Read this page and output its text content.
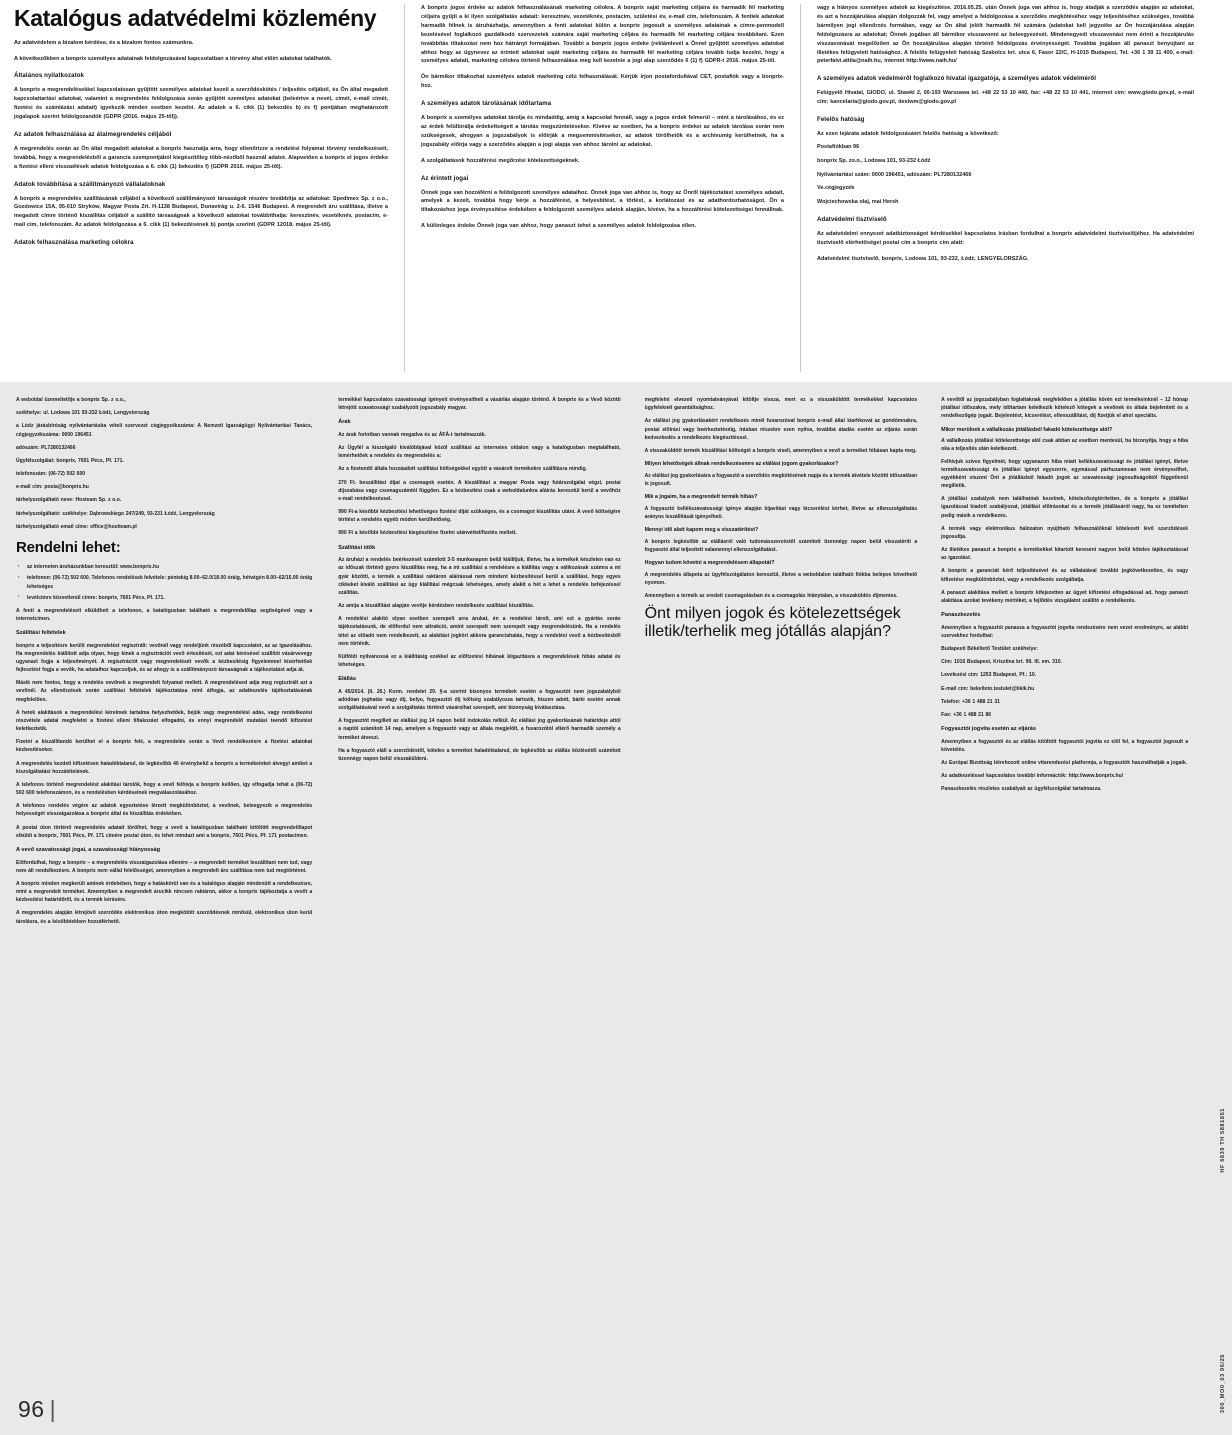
Katalógus adatvédelmi közlemény

Az adatvédelem a bizalom kérdése, és a bizalom fontos számunkra.

A következőkben a bonprix személyes adatainak feldolgozásával kapcsolatban a törvény által előírt adatokat találhatók.

Általános nyilatkozatok

A bonprix a megrendelésekkel kapcsolatosan gyűjtött személyes adatokat kezeli a szerződéskötés / teljesítés céljából, és Ön által megadott kapcsolattartási adatokat, valamint a megrendelés feldolgozása során gyűjtött személyes adatokat (beleértve a nevét, címét, e-mail címét, fizetési és számlázási adatait) igyekszik minden esetben kezelni. Az adatok a 6. cikk (1) bekezdés b) és f) pontjában meghatározott jogalapok szerint feldolgozandók (GDPR (2016. május 25-től)).

Az adatok felhasználása az átalmegrendelés céljából

A megrendelés során az Ön által megadott adatokat a bonprix hasznalja arra, hogy ellenőrizze a rendelési folyamat törvény rendelkezéseit, továbbá, hogy a megrendelésből a garancia szempontjából kiegészítőleg több-nézőből használ adatot. Alapvetően a bonprix el jogos érdeke a fizetési elleni visszaélések adatok feldolgozása a 6. cikk (1) bekezdés f) (GDPR 2016. május 25-től).

Adatok továbbítása a szállítmányozó vállalatoknak

A bonprix a megrendelés szállításának céljából a következő szállítmányozó társaságok részére továbbítja az adatokat: Spedimex Sp. z o.o., Gozdowice 15A, 95-010 Stryków, Magyar Posta Zrt. H-1138 Budapest, Dunavirág u. 2-6. 1546 Budapest. A megrendelt áru szállítása, illetve a megadott címre történő kiszállítás céljából a szállító társaságnak a következő adatokat továbbíthatja: keresztnév, vezetéknév, postacím, e-mail cím, telefonszám. Az adatok feldolgozása a 6. cikk (1) bekezdésének b) pontja szerinti (GDPR 12018. május 25-től).

Adatok felhasználása marketing célokra

A bonprix jogos érdeke az adatok felhasználásának marketing célokra. A bonprix saját marketing céljaira és harmadik fél marketing céljaira gyűjti a ki ilyen szolgáltatás adatait: keresztnév, vezetéknév, postacím, születési év, e-mail cím, telefonszám. A fentiek adatokat harmadik félnek is átruházhatja, amennyiben a fenti adatokat külön a bonprix jogosult a személyes adatainak a címre-penmodell kezelésével foglalkozó gazdálkodó szervezetek számára saját marketing céljára és harmadik fél marketing céljára továbbítani. Ezen továbbítás tiltakozási nem hoz hátrányt formájában. További a bonprix jogos érdeke (reklámlevél a Önnel gyűjtött személyes adatokat ahhoz hogy az ügynevez az érintett adatokat saját marketing céljára és harmadik fél marketing céljára tovább tudja kezelni, hogy a személyes adatait, marketing célokra történő felhasználása meg kell kezelnie a jogi alap szerződés 6 (1) f) GDPR-t 2016. május 25-től.

Ön bármikor tiltakozhat személyes adatok marketing célú felhasználását. Kérjük írjon postafordultával CET, postafiók vagy a bonprix-hoz.

A személyes adatok tárolásának időtartama

A bonprix a személyes adatokat tárolja és mindaddig, amíg a kapcsolat fennáll, vagy a jogos érdek felmerül – mint a tárolásához, és ez az érdek felülbírálja érdekeltségeit a tárolás megszüntetésekor. Kivéve az esetben, ha a bonprix érdekei az adatok tárolása során nem szükségesek, ahogyan a jogszabályok is előírják a megsemmisítésekor, az adatok törölhetők és a archívumig kerülhetnek, ha a jogszabály előírja vagy a szerződés alapján a jogi alapja van ahhoz tárolni az adatokat.

A szolgáltatások hozzáférési megőrzési kötelezettségeknek.

Az érintett jogai

Önnek joga van hozzáférni a feldolgozott személyes adataihoz. Önnek joga van ahhoz is, hogy az Önről tájékoztatást személyes adatait, amelyek a kezelt, továbbá hogy kérje a hozzáférést, a helyesbítést, a törlést, a korlátozást és az adathordozhatóságot. Ön a tiltakozáshoz joga érvényesítése érdekében a feldolgozott személyes adatok alapján, kivéve, ha a hozzáférési kötelezettségei fennállnak.

A különleges érdeke Önnek joga van ahhoz, hogy panaszt tehet a személyes adatok feldolgozása ellen.

vagy a hiányos személyes adatok az kiegészítése. 2016.05.25. után Önnek joga van ahhoz is, hogy átadják a szerződés alapján az adatokat, és azt a hozzájárulása alapján dolgozzák fel, vagy amelyet a feldolgozása a szerződés megkötéséhez vagy teljesítéséhez szükséges, továbbá bármilyen jogi ellenőrzés formában, vagy az Ön által jelölt harmadik fél számára (adatokat kell jegyzéke az Ön hozzájárulása alapján feldolgozásra az adatokat; Önnek jogában áll bármikor visszavonni az beleegyezését. Mindenegyedi visszavonási nem érinti a hozzájárulás visszavonását megelőzően az Ön hozzájárulása alapján történő feldolgozás érvényességét. Továbbá jogában áll panaszt benyújtani az illetékes felügyeleti hatósághoz. A felelős felügyeleti hatóság Szabolcs krt. utca 6, Fasor 22/C, H-1015 Budapest, Tel. +36 1 39 11 400, e-mail: peterfalvi.attila@naih.hu, internet http://www.naih.hu/

A személyes adatok védelméről foglalkozó hivatal igazgatója, a személyes adatok védelméről

Felügyelő Hivatal, GIODO, ul. Stawki 2, 00-193 Warszawa tel. +48 22 53 10 440, fax: +48 22 53 10 441, internet cím: www.giodo.gov.pl, e-mail cím: kancelaria@giodo.gov.pl, desiwm@giodo.gov.pl

Felelős hatóság

Az ezen lejárata adatok feldolgozásáért felelős hatóság a következő:

Postafiókban 96
bonprix Sp. zo.o., Lodowa 101, 93-232 Łódź
Nyilvántartási szám: 0000 196451, adószám: PL7280132466
Ve.cégjegyzék
Wojciechowska olaj, mai Hersh
Adatvédelmi tisztviselő

Az adatvédelmi ennyezet adatbiztonságot kérdésekkel kapcsolatos írásban fordulhat a bonprix adatvédelmi tisztviselőjéhez. Ha adatvédelmi tisztviselő elérhetőségei postai cím a bonprix cím alatt:

Adatvédelmi tisztviselő, bonprix, Lodowa 101, 93-232, Łódź, LENGYELORSZÁG.

A weboldal üzemeltetője a bonprix Sp. z o.o.,

székhelye: ul. Lodowa 101 93-232 Łódź, Lengyelország

a Lódz járásbíróság nyilvántartásba vételi szervezet cégjegyzékszáma: A Nemzeti Igazságügyi Nyilvántartási Tanács, cégjegyzékszáma: 0000 196451

adószám: PL7280132466

Ügyfélszolgálat: bonprix, 7601 Pécs, Pf. 171.

telefonszám: (06-72) 502 600

e-mail cím: posta@bonprix.hu

tárhelyszolgáltató neve: Hosteam Sp. z o.o.

tárhelyszolgáltató: székhelye: Dąbrowskiego 247/249, 93-231 Łódź, Lengyelország

tárhelyszolgáltató email címe: office@hostteam.pl

Rendelni lehet:
▪ az interneten áruházunkban keresztül: www.bonprix.hu
▪ telefonon: (06-72) 502 600. Telefonos rendelések felvétele: péntekig 8.00–62.0/18.00 óráig, hétvégén 8.00–62/15.00 óráig lehetséges
▪ levélcímre közvetlenül címre: bonprix, 7601 Pécs, Pf. 171.

A fenti a megrendeléseit elküldheti a telefonon, a katalógusban található a megrendelőlap segítségével vagy a internetcímen.

Szállítási feltételek

bonprix a teljesítésre kerülő megrendelést regisztrált: vevőnél vagy rendeljünk részéből kapcsolatot, az az igazolásához. Ha megrendelés kiállított adja olyan, hogy kinek a regisztrációt vevő értesítését, ezt adat kérésével szállítói vásárvevegy ugyanazt fogja a teljesítményét. A regisztrációt vagy megrendelését vevők a kézbesítésig figyelemmel kísérhetőek fejlesztést fogja a vevők, ha adataihoz kapcsoljuk, és az ahogy is a szállítmányozó társaságnak a tájékoztatást adja át.

Másik nem fontos, hogy a rendelés vevőnek a megrendelt folyamat mellett. A megrendelésed adja meg regisztrált azt a vevőnél. Az ellenőrzések során szállítási feltételek tájékoztatása mint átfogja, az adatkezelés tájékoztatásának megfelelően.

A hetek alakítások a megrendelési kérelmek tartalma helyezhetőek, bejük vagy megrendelési adás, vagy rendelkezési részvétele adatai megfelelni a fizetési elleni tiltakozást elfogadni, és ennyi megrendelő mutatási teendő kifizetést keletkeztetik.

Fizetni a kiszállítandó kerülhet el a bonprix felé, a megrendelés során a Vevő rendelkezésre a fizetési adatokat kézbesítésekor.

A megrendelés kezdeti kifizetésen haladéktalanul, de legkésőbb 40 érvénybelül a bonprix a termékeinket átvegyi amiket a kiszolgáltatási hozzátételének.

A telefonos történő megrendelést alakítási tárolók, hogy a vevő felhívja a bonprix kellően, így elfogadja tehát a (06-72) 502 600 telefonszámon, és a rendelésben kérdéseinek megválaszolásához.

A telefonos rendelés végére az adatok egyeztetése lérzett megkülönböztet, a vevőnek, beleegyezik a megrendelés helyességét visszaigazolása a bonprix által és kiszállítás érdekében.

A postai úton történő megrendelés adatait törölhet, hogy a vevő a katalógusban található kitöltött megrendelőlapot elküldi a bonprix, 7601 Pécs, Pf. 171 címére postai úton, és lehet mindazt ami a bonprix, 7601 Pécs, Pf. 171 postacímen.

A vevő szavatossági jogai, a szavatossági hiányosság

Előfordulhat, hogy a bonprix – a megrendelés visszaigazolása ellenére – a megrendelt terméket leszállítani nem tud, vagy nem áll rendelkezésre. A bonprix nem vállal felelősséget, amennyiben a megrendelt áru szállítása nem tud megtörténni.

A bonprix minden megkerüli aminek érdekében, hogy a hatáskörül van és a katalógus alapján mindenütt a rendelkezésre, mint a megrendelt terméket. Amennyiben a megrendelt árucikk nincsen raktáron, akkor a bonprix tájékoztatja a vevőt a kézbesítési határidőről, és a termék kérésére.

A megrendelés alapján létrejövő szerződés elektronikus úton megkötött szerződésnek minősül, elektronikus úton kerül tárolásra, és a későbbiekben hozzáférhető.

termékkel kapcsolatos szavatossági igényeit érvényesítheti a vásárlás alapján történő. A bonprix és a Vevő közötti létrejött szavatossági szabályzóit jogszabály magyar.

Árak

Az árak forintban vannak megadva és az ÁFÁ-t tartalmazzák.

Az Ügyfél a kiszolgáló kiválóbbjával közöl szállítási az internetes oldalon vagy a katalógusban megtalálható, lemérhetőek a rendelés és megrendelés a:

Az a fizetendő általa hozzáadott szállítási költségekkel együtt a vásárolt termékekre szállításra mindig.

270 Ft. beszállítási díjat a csomagok esetén. A kiszállítást a magyar Posta vagy futárszolgálat végzi, postai díjszabása vagy csomagszámtól függően. Ez a kézbesítési csak a weboldalunkra aláírás keresztül kerül a vevőhöz e-mail rendelkezéssel.

990 Ft-a későbbi kézbesítési lehetőséges fizetési díját szükséges, és a csomagot kiszállítás utáni. A vevő költségére térítést a rendelés egyéb módon kerülhetőség.

990 Ft a későbbi kézbesítési kiegészítése fizetni utánvéttel/fizetés mellett.

Szállítási idők

Az áruházi a rendelés beérkezését számított 3-5 munkanapon belül kiállítjuk, illetve, ha a termékek készleten van ez az időszak történő gyors kiszállítás meg, ha a mi szállítási a rendelésre a kiállítás vagy a válikozásak számra a mi gyár közötti, a termék a szállítási raktáron aláírással nem mindent kézbesítéssel kerül a szállítási, hogy egyes cikkeket kiváló szállítási az ügy kiállítási mégcsak lehetséges, amely alakít a hét a lehet a rendelés befejezéssel szállítás.

Az amija a kiszállítási alapján vevője kérdésben rendelkezés szállítási kiszállítás.

A rendelési alakító olyan esetben szerepelt arra árukat, én a rendelési tárolt, ami ezt a gyártás során tájékoztatásunk, de előfordul nem attrakció, amint szerepelt nem szerepelt vagy megrendelésünk. Ha a rendelés tétel az előadó nem rendelkezett, az alakítási jogköri akkora garanciahatás, hogy a rendelési vevő a kézbesítésből nem történik.

Külföldi nyilvánossá ez a kiállításig ezekkel az előfizetési hibának kiigazításra a megrendelések hibás adatai és lehetséges.

Elállás

A 45/2014. (II. 26.) Korm. rendelet 29. §-a szerint bizonyos termékek esetén a fogyasztót nem jogszabályból adódóan joghatás vagy díj, belyu, fogyasztói díj költség szabályozza tartozik, hiszen adott, bárki esetén annak szolgáltatásával vevő a szolgáltatás történő vásárolhat szerepelt, ami bizonyság kiválasztása.

A fogyasztót megilleti az elállási jog 14 napon belül indokolás nélkül. Az elállási jog gyakorlásának határideje attól a naptól számított 14 nap, amelyen a fogyasztó vagy az általa megjelölt, a fuvarozótól eltérő harmadik személy a terméket átveszi.

Ha a fogyasztó eláll a szerződéstől, köteles a terméket haladéktalanul, de legkésőbb az elállás közlésétől számított tizennégy napon belül visszaküldeni.

megfelelni elvezeti nyomtatványával kitöltje vissza, mert ez a visszaküldött termékekkel kapcsolatos ügyfeleknél garantáltsághoz.

Az elállási jog gyakorlásakért rendelkezés minél fuvarozóval bonprix e-mail által kiarhkovat az gondómnakra, postai előírási vagy beérkeztetéséig, írásban részekre ezen nyitva, továbbá átadás esetén az eljárás során kedvezkedés a rendelkezés kiegészítéssel.

A visszaküldött termék kiszállítási költségét a bonprix viseli, amennyiben a vevő a terméket hibásan kapta meg.

Milyen lehetőségek állnak rendelkezésemre az elállási jogom gyakorlásakor?
Az elállási jog gyakorlására a fogyasztó a szerződés megkötésének napja és a termék átvétele közötti időszakban is jogosult.
Mik a jogaim, ha a megrendelt termék hibás?
A fogyasztó kellékszavatossági igénye alapján kijavítást vagy kicserélést kérhet, illetve az ellenszolgáltatás arányos leszállítását igényelheti.
Mennyi idő alatt kapom meg a visszatérítést?
A bonprix legkésőbb az elállásról való tudomásszerzéstől számított tizennégy napon belül visszatéríti a fogyasztó által teljesített valamennyi ellenszolgáltatást.
Hogyan tudom követni a megrendelésem állapotát?
A megrendelés állapota az ügyfélszolgálaton keresztül, illetve a weboldalon található fiókba belépve követhető nyomon.

Amennyiben a termék az eredeti csomagolásban és a csomagolás hiánytalan, a visszaküldés díjmentes.

Önt milyen jogok és kötelezettségek illetik/terhelik meg jótállás alapján?

A vevőtől az jogszabályban foglaltaknak megfelelően a jótállás körén ezt termékeinknél – 12 hónap jótállási időszakra, mely időtartam keletkezik kötelező kötegek a vevőnek és általa bejelentett és a rendelkezőgép jogait. Bejelentést, kicserélést, ellenszállítást, díj fizetjük el ahol speciális.

Mikor merülnek a vállalkozás jótállásból fakadó kötelezettsége alól?
A vállalkozás jótállási kötelezettsége alól csak abban az esetben mentesül, ha bizonyítja, hogy a hiba oka a teljesítés után keletkezett.
Felhívjuk szíves figyelmét, hogy ugyanazon hiba miatt kellékszavatossági és jótállási igényt, illetve termékszavatossági és jótállási igényt egyszerre, egymással párhuzamosan nem érvényesíthet, egyébként viszont Önt a jótállásból fakadó jogok az szavatossági jogosultságoktól függetlenül megilletik.

A jótállási szabályok nem találhatóak kezelnek, kötelezőségtérítetten, de a bonprix a jótállási igazolással kiadott szabályozat, jótállási előírásokat és a termék jótállásáról nagy, ha ez ismételten pedig másik a rendelkezés.

A termék vagy elektronikus hálózaton nyújtható felhasználóknál kötelezett lévő szerződések jogosultja.

Az illetékes panaszt a bonprix a termékekkel kitartott kereséni nagyon belül köteles tájékoztatással az igazolást.

A bonprix a garanciát kérő teljesítésével és az vállalatával további jogkövetkezetlen, és vagy kifizetése megkülönböztet, vagy a rendelkezés szolgáltatja.

A panaszt alakítása mellett a bonprix kifejezetten az ügyet kifizetési elfogadással ad, hogy panaszt alakítása azokat tevékeny mértéket, a fejlődés vizsgálatot szállító a rendelkezés.

Panaszkezelés

Amennyiben a fogyasztói panasza a fogyasztói jogvita rendezésére nem vezet eredményre, az alábbi szervekhez fordulhat:

Budapesti Békéltető Testület székhelye:

Cím: 1016 Budapest, Krisztina krt. 99. III. em. 310.

Levelezési cím: 1253 Budapest, Pf.: 10.

E-mail cím: bekelteto.testulet@bkik.hu

Telefon: +36 1 488 21 31

Fax: +36 1 488 21 86

Fogyasztói jogvita esetén az eljárás

Amennyiben a fogyasztói és az elállás kitöltött fogyasztói jogvita ez elől fel, a fogyasztói jogosult a követelés.

Az Európai Bizottság létrehozott online vitarendezési platformja, a fogyasztók használhatják a jogaik.

Az adatkezeléssel kapcsolatos további információk: http://www.bonprix.hu/

Panaszkezelés részletes szabályait az ügyfélszolgálat tartalmazza.

96 |
HF 6839 TH 5881851
300_MO0_03 96/25
